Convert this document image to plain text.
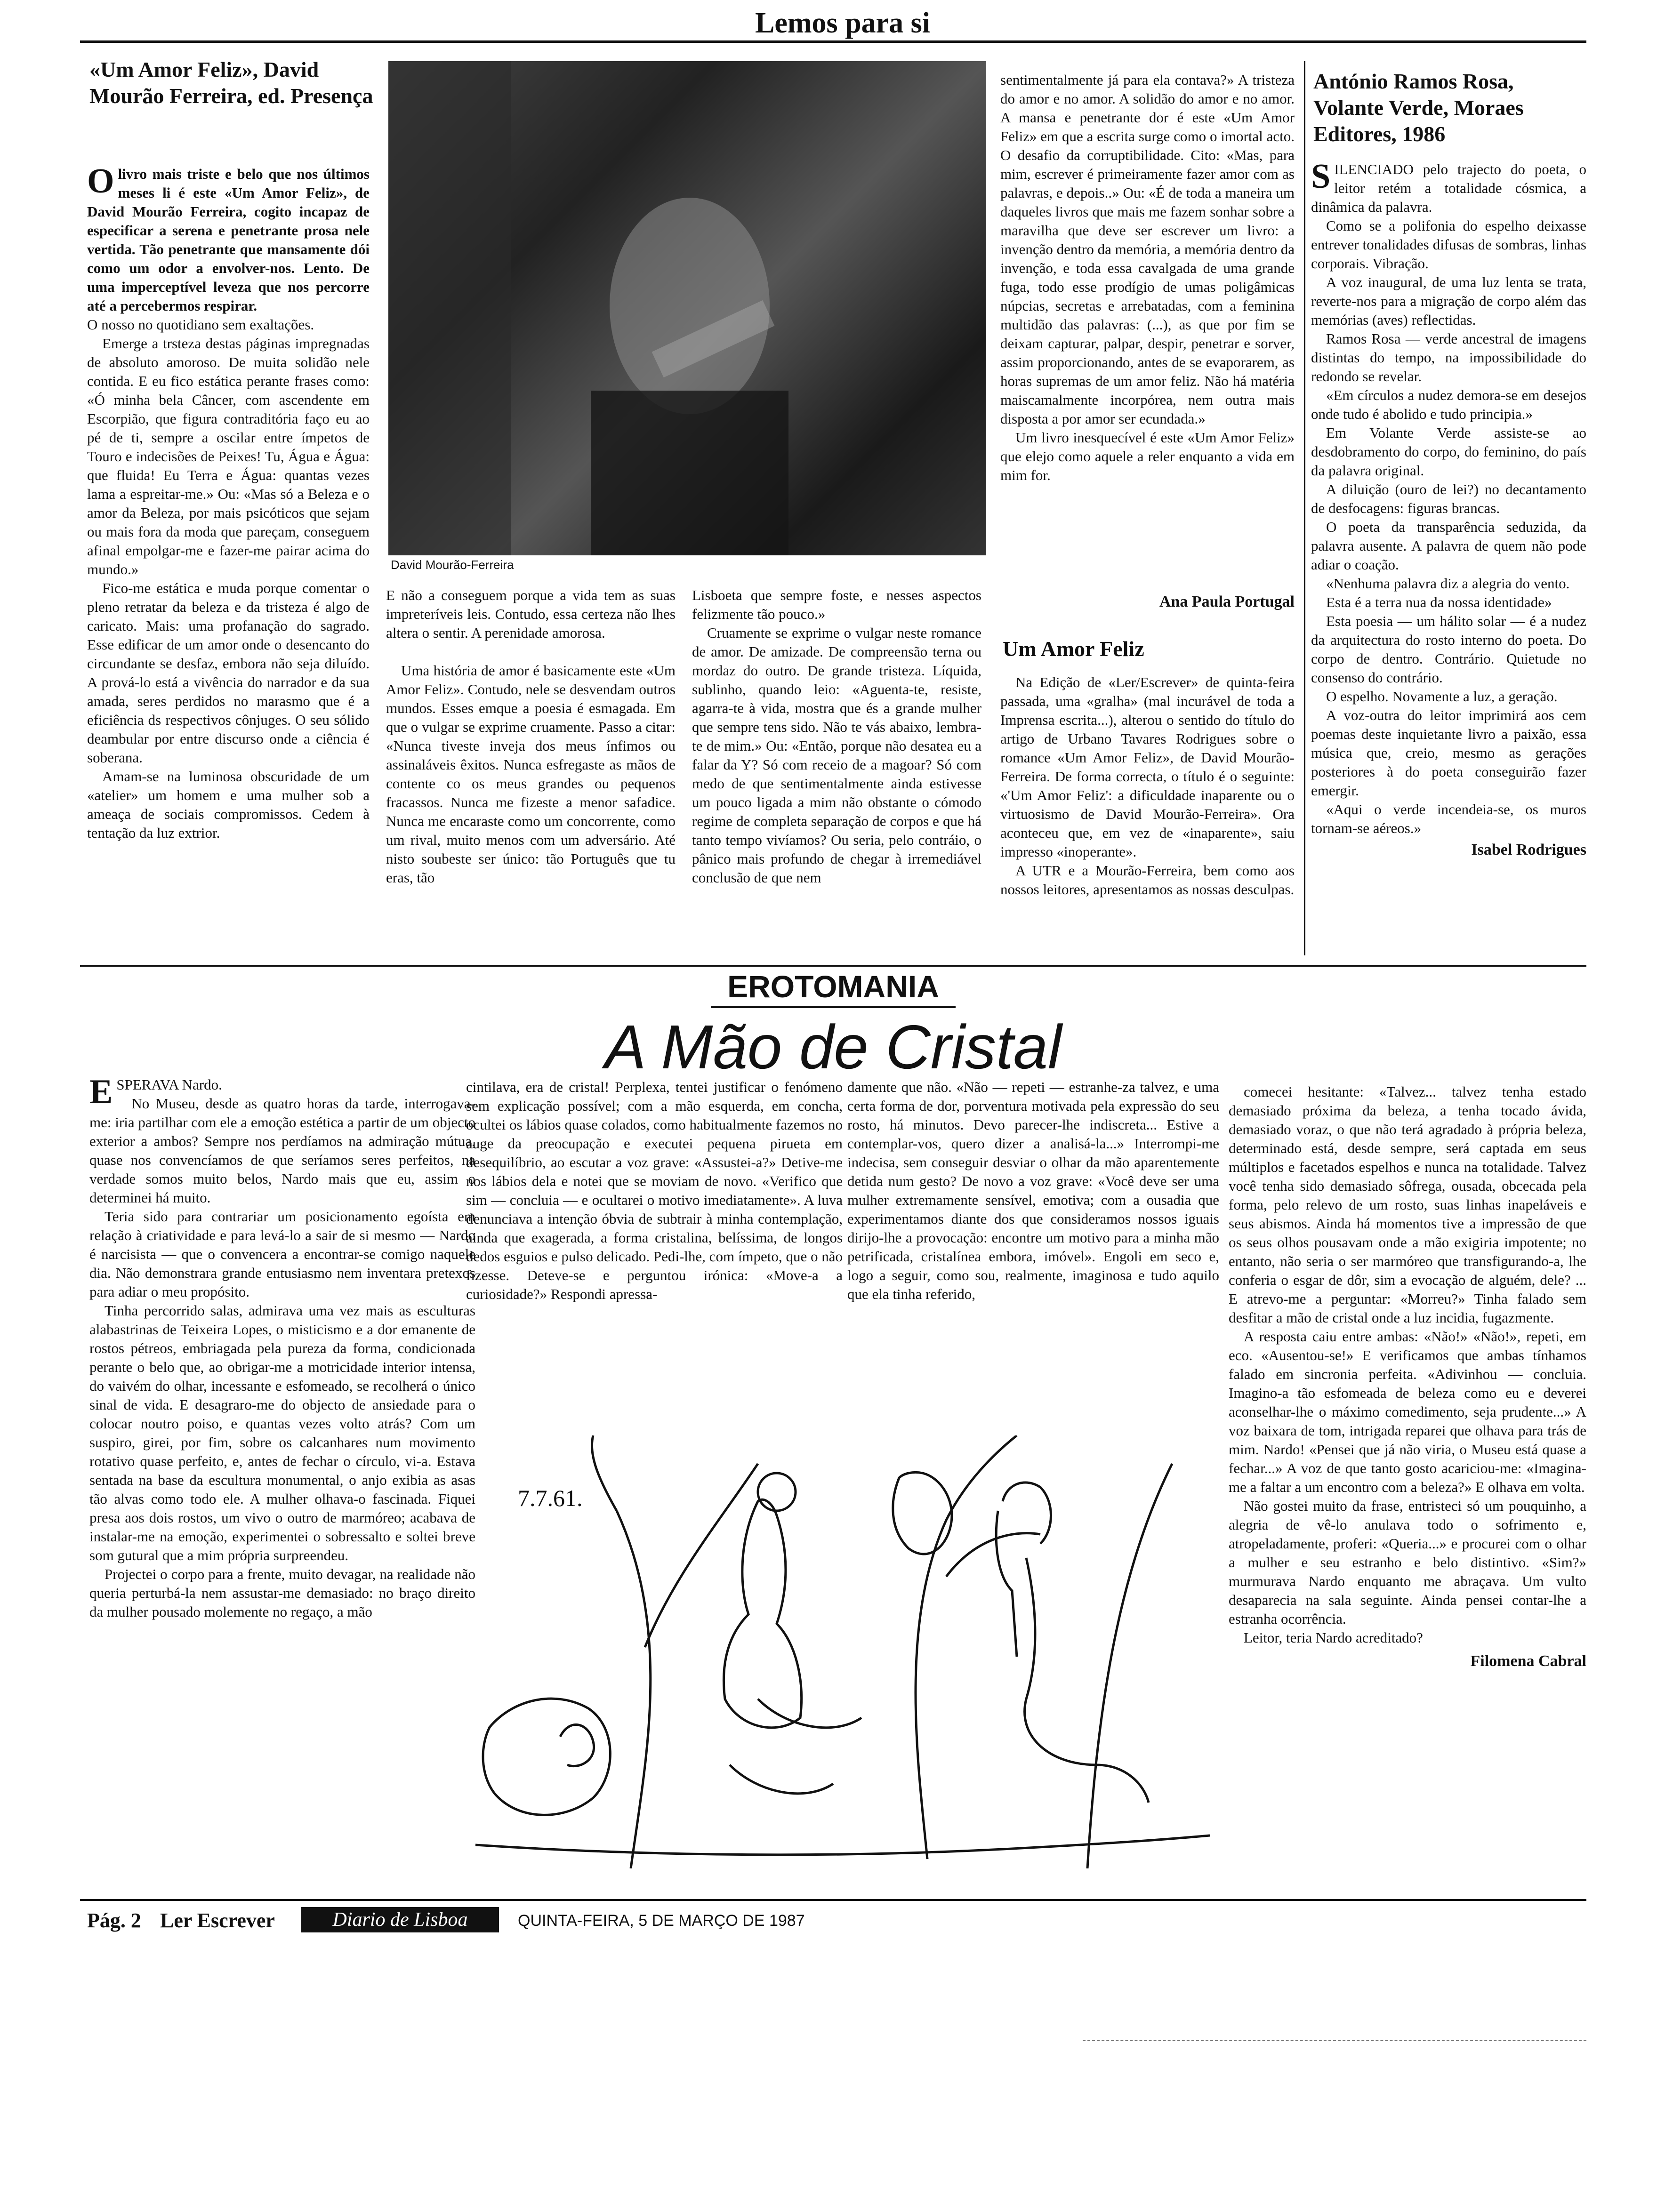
Lemos para si
«Um Amor Feliz», David Mourão Ferreira, ed. Presença
O livro mais triste e belo que nos últimos meses li é este «Um Amor Feliz», de David Mourão Ferreira, cogito incapaz de especificar a serena e penetrante prosa nele vertida. Tão penetrante que mansamente dói como um odor a envolver-nos. Lento. De uma imperceptível leveza que nos percorre até a percebermos respirar.

O nosso no quotidiano sem exaltações.

Emerge a trsteza destas páginas impregnadas de absoluto amoroso. De muita solidão nele contida. E eu fico estática perante frases como: «Ó minha bela Câncer, com ascendente em Escorpião, que figura contraditória faço eu ao pé de ti, sempre a oscilar entre ímpetos de Touro e indecisões de Peixes! Tu, Água e Água: que fluida! Eu Terra e Água: quantas vezes lama a espreitar-me.» Ou: «Mas só a Beleza e o amor da Beleza, por mais psicóticos que sejam ou mais fora da moda que pareçam, conseguem afinal empolgar-me e fazer-me pairar acima do mundo.»

Fico-me estática e muda porque comentar o pleno retratar da beleza e da tristeza é algo de caricato. Mais: uma profanação do sagrado. Esse edificar de um amor onde o desencanto do circundante se desfaz, embora não seja diluído. A prová-lo está a vivência do narrador e da sua amada, seres perdidos no marasmo que é a eficiência ds respectivos cônjuges. O seu sólido deambular por entre discurso onde a ciência é soberana.

Amam-se na luminosa obscuridade de um «atelier» um homem e uma mulher sob a ameaça de sociais compromissos. Cedem à tentação da luz extrior.

David Mourão-Ferreira

E não a conseguem porque a vida tem as suas impreteríveis leis. Contudo, essa certeza não lhes altera o sentir. A perenidade amorosa.

Uma história de amor é basicamente este «Um Amor Feliz». Contudo, nele se desvendam outros mundos. Esses emque a poesia é esmagada. Em que o vulgar se exprime cruamente. Passo a citar: «Nunca tiveste inveja dos meus ínfimos ou assinaláveis êxitos. Nunca esfregaste as mãos de contente co os meus grandes ou pequenos fracassos. Nunca me fizeste a menor safadice. Nunca me encaraste como um concorrente, como um rival, muito menos com um adversário. Até nisto soubeste ser único: tão Português que tu eras, tão

Lisboeta que sempre foste, e nesses aspectos felizmente tão pouco.»

Cruamente se exprime o vulgar neste romance de amor. De amizade. De compreensão terna ou mordaz do outro. De grande tristeza. Líquida, sublinho, quando leio: «Aguenta-te, resiste, agarra-te à vida, mostra que és a grande mulher que sempre tens sido. Não te vás abaixo, lembra-te de mim.» Ou: «Então, porque não desatea eu a falar da Y? Só com receio de a magoar? Só com medo de que sentimentalmente ainda estivesse um pouco ligada a mim não obstante o cómodo regime de completa separação de corpos e que há tanto tempo vivíamos? Ou seria, pelo contráio, o pânico mais profundo de chegar à irremediável conclusão de que nem

sentimentalmente já para ela contava?» A tristeza do amor e no amor. A solidão do amor e no amor. A mansa e penetrante dor é este «Um Amor Feliz» em que a escrita surge como o imortal acto. O desafio da corruptibilidade. Cito: «Mas, para mim, escrever é primeiramente fazer amor com as palavras, e depois..» Ou: «É de toda a maneira um daqueles livros que mais me fazem sonhar sobre a maravilha que deve ser escrever um livro: a invenção dentro da memória, a memória dentro da invenção, e toda essa cavalgada de uma grande fuga, todo esse prodígio de umas poligâmicas núpcias, secretas e arrebatadas, com a feminina multidão das palavras: (...), as que por fim se deixam capturar, palpar, despir, penetrar e sorver, assim proporcionando, antes de se evaporarem, as horas supremas de um amor feliz. Não há matéria maiscamalmente incorpórea, nem outra mais disposta a por amor ser ecundada.»

Um livro inesquecível é este «Um Amor Feliz» que elejo como aquele a reler enquanto a vida em mim for.

Ana Paula Portugal
Um Amor Feliz

Na Edição de «Ler/Escrever» de quinta-feira passada, uma «gralha» (mal incurável de toda a Imprensa escrita...), alterou o sentido do título do artigo de Urbano Tavares Rodrigues sobre o romance «Um Amor Feliz», de David Mourão-Ferreira. De forma correcta, o título é o seguinte: «'Um Amor Feliz': a dificuldade inaparente ou o virtuosismo de David Mourão-Ferreira». Ora aconteceu que, em vez de «inaparente», saiu impresso «inoperante».

A UTR e a Mourão-Ferreira, bem como aos nossos leitores, apresentamos as nossas desculpas.

António Ramos Rosa, Volante Verde, Moraes Editores, 1986
S ILENCIADO pelo trajecto do poeta, o leitor retém a totalidade cósmica, a dinâmica da palavra.

Como se a polifonia do espelho deixasse entrever tonalidades difusas de sombras, linhas corporais. Vibração.

A voz inaugural, de uma luz lenta se trata, reverte-nos para a migração de corpo além das memórias (aves) reflectidas.

Ramos Rosa — verde ancestral de imagens distintas do tempo, na impossibilidade do redondo se revelar.

«Em círculos a nudez demora-se em desejos onde tudo é abolido e tudo principia.»

Em Volante Verde assiste-se ao desdobramento do corpo, do feminino, do país da palavra original.

A diluição (ouro de lei?) no decantamento de desfocagens: figuras brancas.

O poeta da transparência seduzida, da palavra ausente. A palavra de quem não pode adiar o coação.

«Nenhuma palavra diz a alegria do vento.

Esta é a terra nua da nossa identidade»

Esta poesia — um hálito solar — é a nudez da arquitectura do rosto interno do poeta. Do corpo de dentro. Contrário. Quietude no consenso do contrário.

O espelho. Novamente a luz, a geração.

A voz-outra do leitor imprimirá aos cem poemas deste inquietante livro a paixão, essa música que, creio, mesmo as gerações posteriores à do poeta conseguirão fazer emergir.

«Aqui o verde incendeia-se, os muros tornam-se aéreos.»

Isabel Rodrigues
EROTOMANIA
A Mão de Cristal
E SPERAVA Nardo.

No Museu, desde as quatro horas da tarde, interrogava-me: iria partilhar com ele a emoção estética a partir de um objecto exterior a ambos? Sempre nos perdíamos na admiração mútua, quase nos convencíamos de que seríamos seres perfeitos, na verdade somos muito belos, Nardo mais que eu, assim o determinei há muito.

Teria sido para contrariar um posicionamento egoísta em relação à criatividade e para levá-lo a sair de si mesmo — Nardo é narcisista — que o convencera a encontrar-se comigo naquele dia. Não demonstrara grande entusiasmo nem inventara pretexos para adiar o meu propósito.

Tinha percorrido salas, admirava uma vez mais as esculturas alabastrinas de Teixeira Lopes, o misticismo e a dor emanente de rostos pétreos, embriagada pela pureza da forma, condicionada perante o belo que, ao obrigar-me a motricidade interior intensa, do vaivém do olhar, incessante e esfomeado, se recolherá o único sinal de vida. E desagraro-me do objecto de ansiedade para o colocar noutro poiso, e quantas vezes volto atrás? Com um suspiro, girei, por fim, sobre os calcanhares num movimento rotativo quase perfeito, e, antes de fechar o círculo, vi-a. Estava sentada na base da escultura monumental, o anjo exibia as asas tão alvas como todo ele. A mulher olhava-o fascinada. Fiquei presa aos dois rostos, um vivo o outro de marmóreo; acabava de instalar-me na emoção, experimentei o sobressalto e soltei breve som gutural que a mim própria surpreendeu.

Projectei o corpo para a frente, muito devagar, na realidade não queria perturbá-la nem assustar-me demasiado: no braço direito da mulher pousado molemente no regaço, a mão

cintilava, era de cristal! Perplexa, tentei justificar o fenómeno sem explicação possível; com a mão esquerda, em concha, ocultei os lábios quase colados, como habitualmente fazemos no auge da preocupação e executei pequena pirueta em desequilíbrio, ao escutar a voz grave: «Assustei-a?» Detive-me nos lábios dela e notei que se moviam de novo. «Verifico que sim — concluia — e ocultarei o motivo imediatamente». A luva denunciava a intenção óbvia de subtrair à minha contemplação, ainda que exagerada, a forma cristalina, belíssima, de longos dedos esguios e pulso delicado. Pedi-lhe, com ímpeto, que o não fizesse. Deteve-se e perguntou irónica: «Move-a a curiosidade?» Respondi apressa-

damente que não. «Não — repeti — estranhe-za talvez, e uma certa forma de dor, porventura motivada pela expressão do seu rosto, há minutos. Devo parecer-lhe indiscreta... Estive a contemplar-vos, quero dizer a analisá-la...» Interrompi-me indecisa, sem conseguir desviar o olhar da mão aparentemente detida num gesto? De novo a voz grave: «Você deve ser uma mulher extremamente sensível, emotiva; com a ousadia que experimentamos diante dos que consideramos nossos iguais dirijo-lhe a provocação: encontre um motivo para a minha mão petrificada, cristalínea embora, imóvel». Engoli em seco e, logo a seguir, como sou, realmente, imaginosa e tudo aquilo que ela tinha referido,

comecei hesitante: «Talvez... talvez tenha estado demasiado próxima da beleza, a tenha tocado ávida, demasiado voraz, o que não terá agradado à própria beleza, determinado está, desde sempre, será captada em seus múltiplos e facetados espelhos e nunca na totalidade. Talvez você tenha sido demasiado sôfrega, ousada, obcecada pela forma, pelo relevo de um rosto, suas linhas inapeláveis e seus abismos. Ainda há momentos tive a impressão de que os seus olhos pousavam onde a mão exigiria impotente; no entanto, não seria o ser marmóreo que transfigurando-a, lhe conferia o esgar de dôr, sim a evocação de alguém, dele? ... E atrevo-me a perguntar: «Morreu?» Tinha falado sem desfitar a mão de cristal onde a luz incidia, fugazmente.

A resposta caiu entre ambas: «Não!» «Não!», repeti, em eco. «Ausentou-se!» E verificamos que ambas tínhamos falado em sincronia perfeita. «Adivinhou — concluia. Imagino-a tão esfomeada de beleza como eu e deverei aconselhar-lhe o máximo comedimento, seja prudente...» A voz baixara de tom, intrigada reparei que olhava para trás de mim. Nardo! «Pensei que já não viria, o Museu está quase a fechar...» A voz de que tanto gosto acariciou-me: «Imagina-me a faltar a um encontro com a beleza?» E olhava em volta.

Não gostei muito da frase, entristeci só um pouquinho, a alegria de vê-lo anulava todo o sofrimento e, atropeladamente, proferi: «Queria...» e procurei com o olhar a mulher e seu estranho e belo distintivo. «Sim?» murmurava Nardo enquanto me abraçava. Um vulto desaparecia na sala seguinte. Ainda pensei contar-lhe a estranha ocorrência.

Leitor, teria Nardo acreditado?

Filomena Cabral
7.7.61.
Pág. 2 Ler Escrever	Diario de Lisboa	QUINTA-FEIRA, 5 DE MARÇO DE 1987
